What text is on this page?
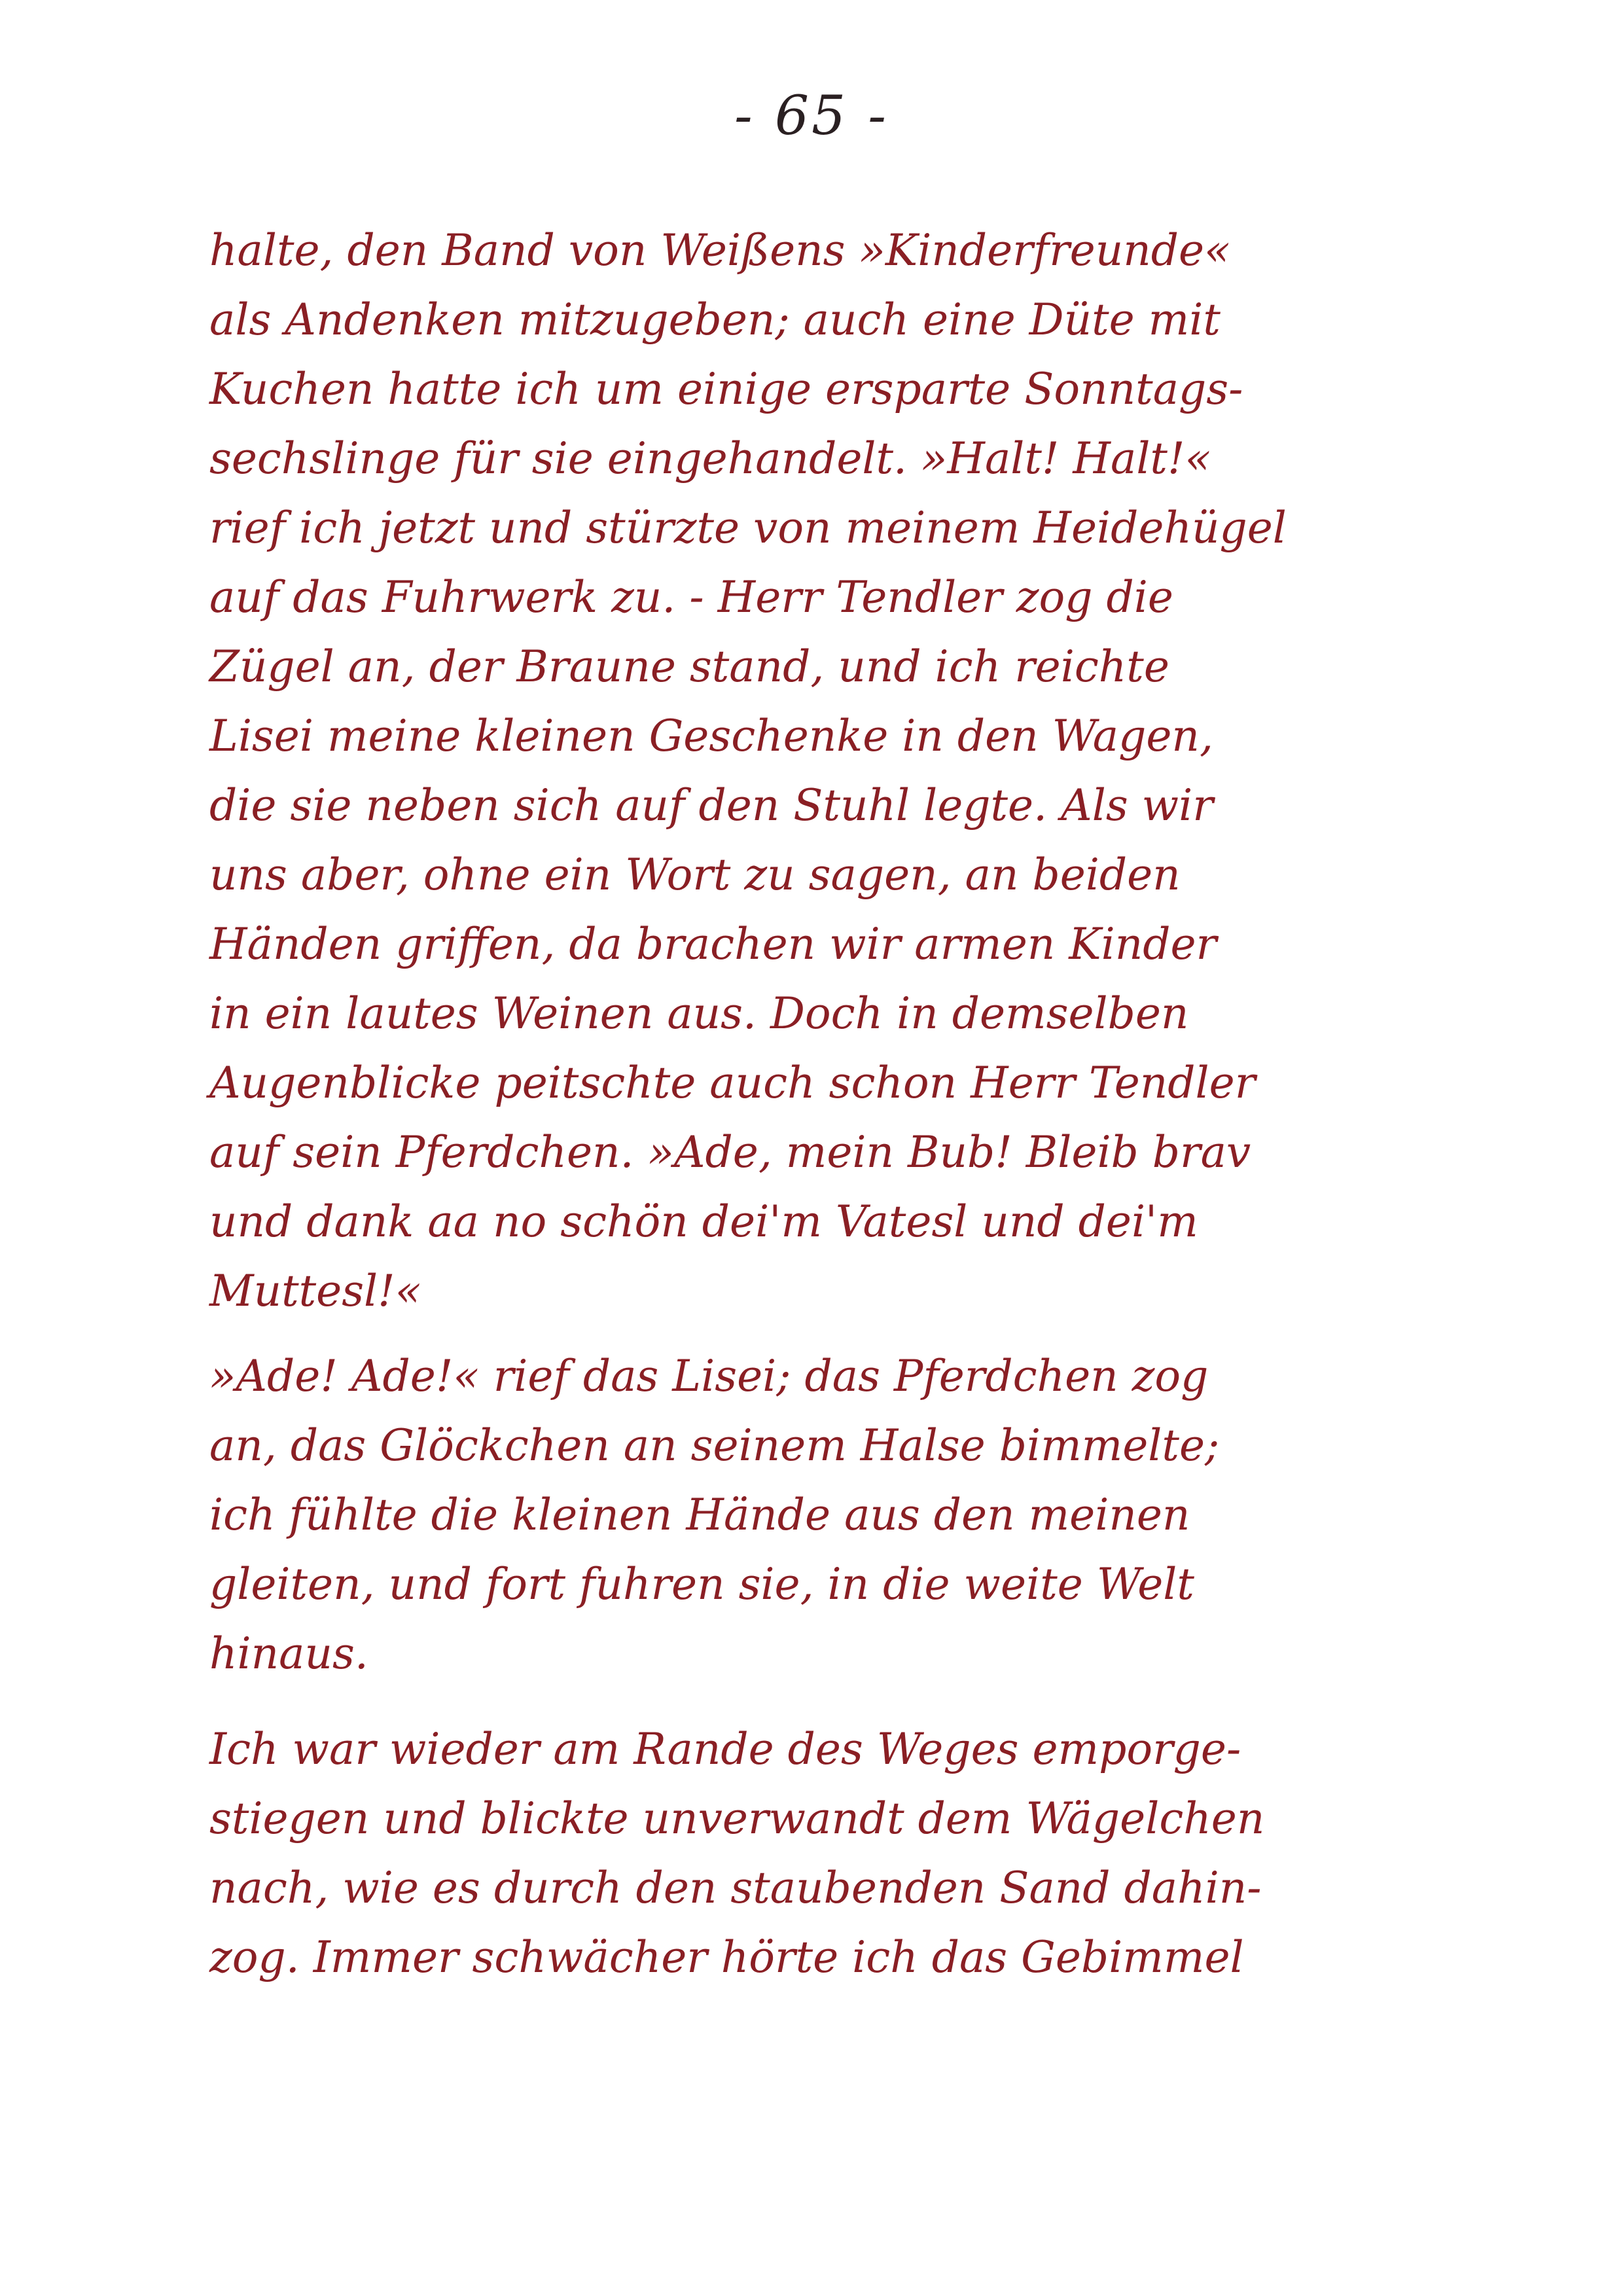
- 65 -
halte, den Band von Weißens »Kinderfreunde«
als Andenken mitzugeben; auch eine Düte mit
Kuchen hatte ich um einige ersparte Sonntags-
sechslinge für sie eingehandelt. »Halt! Halt!«
rief ich jetzt und stürzte von meinem Heidehügel
auf das Fuhrwerk zu. - Herr Tendler zog die
Zügel an, der Braune stand, und ich reichte
Lisei meine kleinen Geschenke in den Wagen,
die sie neben sich auf den Stuhl legte. Als wir
uns aber, ohne ein Wort zu sagen, an beiden
Händen griffen, da brachen wir armen Kinder
in ein lautes Weinen aus. Doch in demselben
Augenblicke peitschte auch schon Herr Tendler
auf sein Pferdchen. »Ade, mein Bub! Bleib brav
und dank aa no schön dei'm Vatesl und dei'm
Muttesl!«
»Ade! Ade!« rief das Lisei; das Pferdchen zog
an, das Glöckchen an seinem Halse bimmelte;
ich fühlte die kleinen Hände aus den meinen
gleiten, und fort fuhren sie, in die weite Welt
hinaus.
Ich war wieder am Rande des Weges emporge-
stiegen und blickte unverwandt dem Wägelchen
nach, wie es durch den staubenden Sand dahin-
zog. Immer schwächer hörte ich das Gebimmel
